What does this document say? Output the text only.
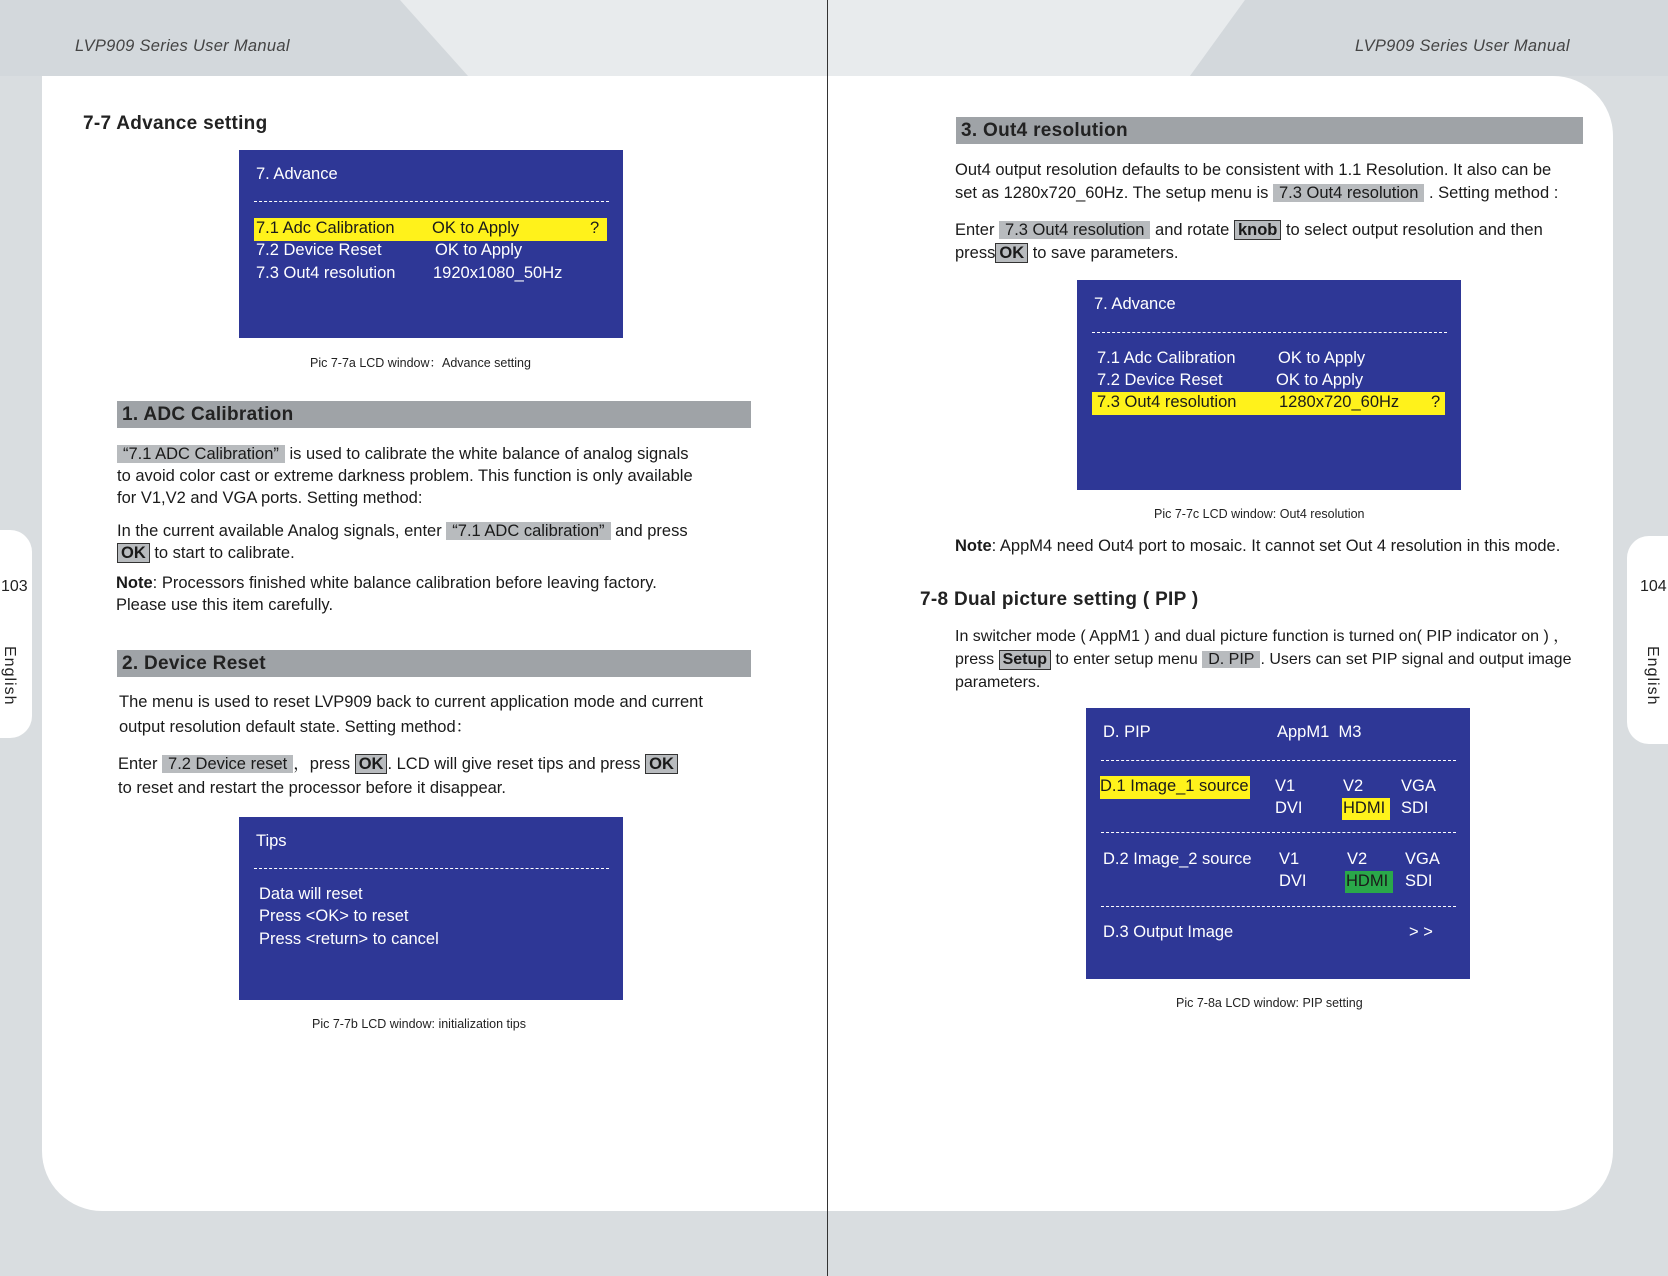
LVP909 Series User Manual	LVP909 Series User Manual
103
English
104
English
7-7 Advance setting
7. Advance
7.1 Adc Calibration OK to Apply	?
7.2 Device Reset	OK to Apply
7.3 Out4 resolution 1920x1080_50Hz
Pic 7-7a LCD window：Advance setting
1. ADC Calibration
“7.1 ADC Calibration” is used to calibrate the white balance of analog signals
to avoid color cast or extreme darkness problem. This function is only available
for V1,V2 and VGA ports. Setting method:
In the current available Analog signals, enter “7.1 ADC calibration” and press
OK to start to calibrate.
Note: Processors finished white balance calibration before leaving factory.
Please use this item carefully.
2. Device Reset
The menu is used to reset LVP909 back to current application mode and current
output resolution default state. Setting method：
Enter 7.2 Device reset ，press OK . LCD will give reset tips and press OK
to reset and restart the processor before it disappear.
Tips
Data will reset
Press <OK> to reset
Press <return> to cancel
Pic 7-7b LCD window: initialization tips
3. Out4 resolution
Out4 output resolution defaults to be consistent with 1.1 Resolution. It also can be
set as 1280x720_60Hz. The setup menu is 7.3 Out4 resolution . Setting method :
Enter 7.3 Out4 resolution and rotate knob to select output resolution and then
press OK to save parameters.
7. Advance
7.1 Adc Calibration	OK to Apply
7.2 Device Reset	OK to Apply
7.3 Out4 resolution	1280x720_60Hz ?
Pic 7-7c LCD window: Out4 resolution
Note: AppM4 need Out4 port to mosaic. It cannot set Out 4 resolution in this mode.
7-8 Dual picture setting ( PIP )
In switcher mode ( AppM1 ) and dual picture function is turned on( PIP indicator on ) ，
press Setup to enter setup menu D. PIP . Users can set PIP signal and output image
parameters.
D. PIP	AppM1  M3
D.1 Image_1 source V1	V2 VGA
DVI HDMI SDI
D.2 Image_2 source V1	V2 VGA
DVI HDMI SDI
D.3 Output Image	> >
Pic 7-8a LCD window: PIP setting
